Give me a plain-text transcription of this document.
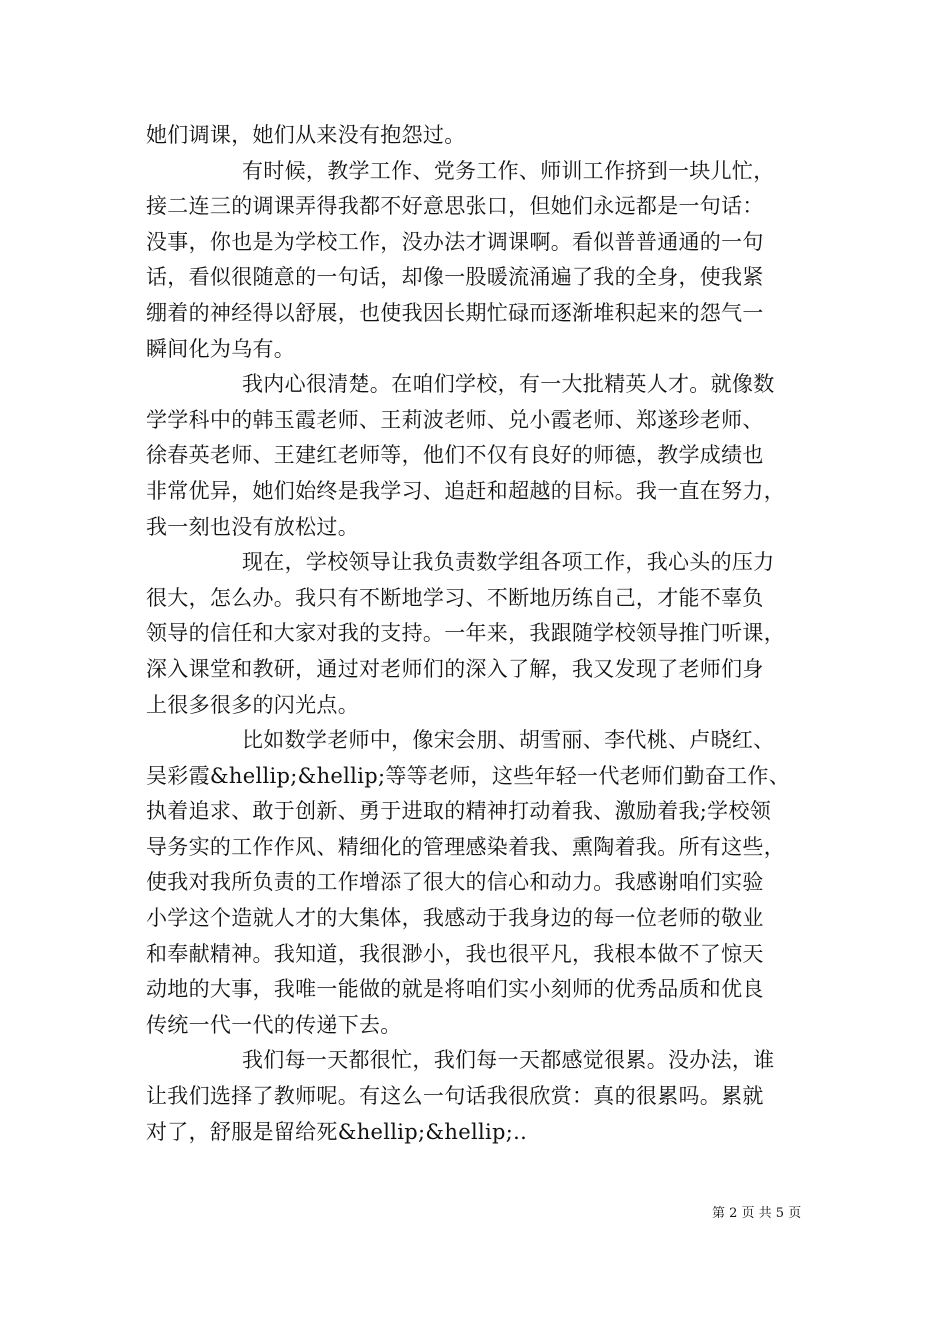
她们调课，她们从来没有抱怨过。
有时候，教学工作、党务工作、师训工作挤到一块儿忙，
接二连三的调课弄得我都不好意思张口，但她们永远都是一句话：
没事，你也是为学校工作，没办法才调课啊。看似普普通通的一句
话，看似很随意的一句话，却像一股暖流涌遍了我的全身，使我紧
绷着的神经得以舒展，也使我因长期忙碌而逐渐堆积起来的怨气一
瞬间化为乌有。
我内心很清楚。在咱们学校，有一大批精英人才。就像数
学学科中的韩玉霞老师、王莉波老师、兑小霞老师、郑遂珍老师、
徐春英老师、王建红老师等，他们不仅有良好的师德，教学成绩也
非常优异，她们始终是我学习、追赶和超越的目标。我一直在努力，
我一刻也没有放松过。
现在，学校领导让我负责数学组各项工作，我心头的压力
很大，怎么办。我只有不断地学习、不断地历练自己，才能不辜负
领导的信任和大家对我的支持。一年来，我跟随学校领导推门听课，
深入课堂和教研，通过对老师们的深入了解，我又发现了老师们身
上很多很多的闪光点。
比如数学老师中，像宋会朋、胡雪丽、李代桃、卢晓红、
吴彩霞&hellip;&hellip;等等老师，这些年轻一代老师们勤奋工作、
执着追求、敢于创新、勇于进取的精神打动着我、激励着我;学校领
导务实的工作作风、精细化的管理感染着我、熏陶着我。所有这些，
使我对我所负责的工作增添了很大的信心和动力。我感谢咱们实验
小学这个造就人才的大集体，我感动于我身边的每一位老师的敬业
和奉献精神。我知道，我很渺小，我也很平凡，我根本做不了惊天
动地的大事，我唯一能做的就是将咱们实小刻师的优秀品质和优良
传统一代一代的传递下去。
我们每一天都很忙，我们每一天都感觉很累。没办法，谁
让我们选择了教师呢。有这么一句话我很欣赏：真的很累吗。累就
对了，舒服是留给死&hellip;&hellip;..
第 2 页 共 5 页
